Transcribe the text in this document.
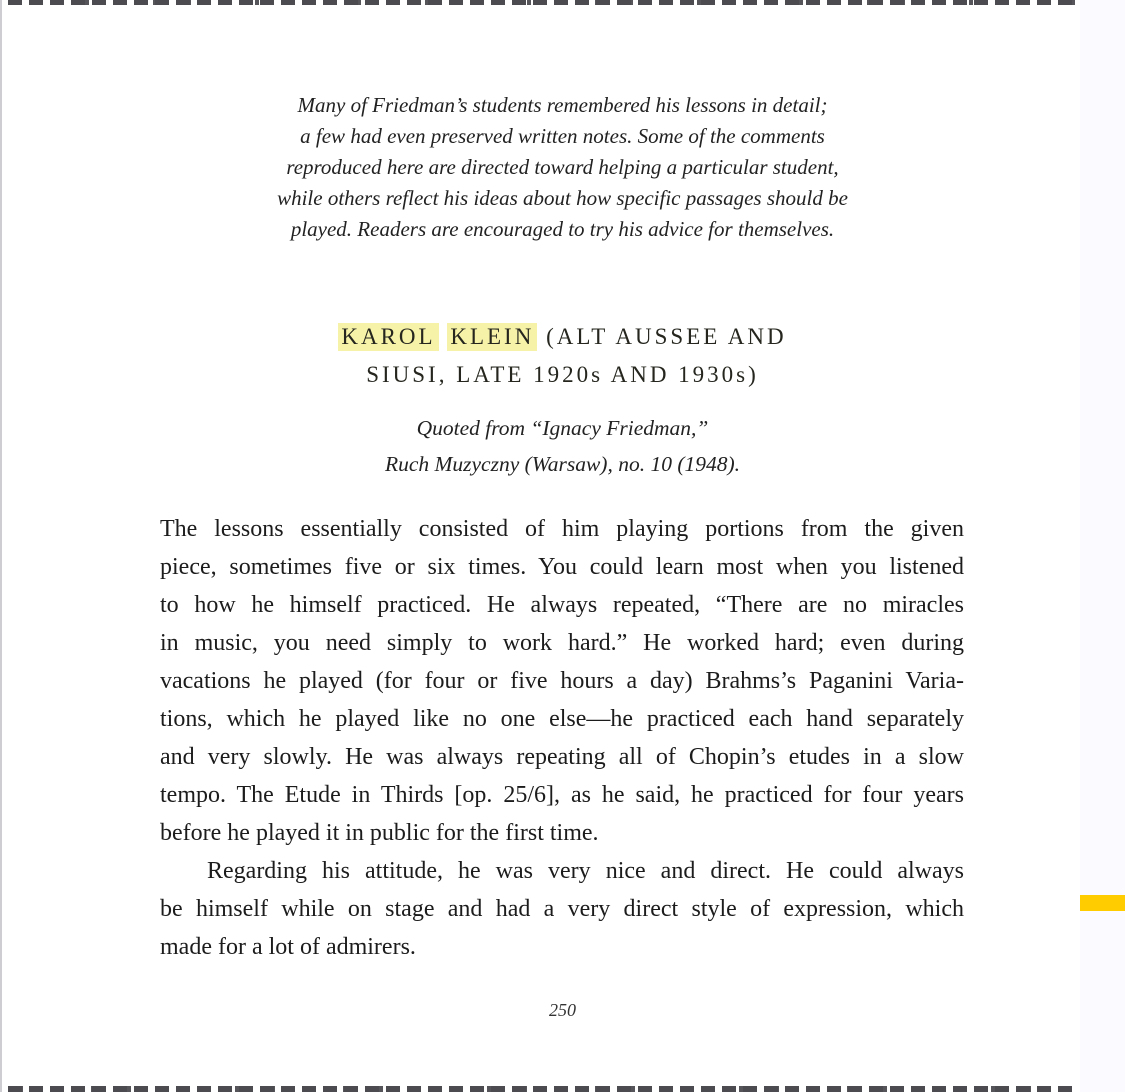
Many of Friedman’s students remembered his lessons in detail;
a few had even preserved written notes. Some of the comments
reproduced here are directed toward helping a particular student,
while others reflect his ideas about how specific passages should be
played. Readers are encouraged to try his advice for themselves.
KAROL KLEIN (ALT AUSSEE AND
SIUSI, LATE 1920s AND 1930s)
Quoted from “Ignacy Friedman,”
Ruch Muzyczny (Warsaw), no. 10 (1948).
The lessons essentially consisted of him playing portions from the given
piece, sometimes five or six times. You could learn most when you listened
to how he himself practiced. He always repeated, “There are no miracles
in music, you need simply to work hard.” He worked hard; even during
vacations he played (for four or five hours a day) Brahms’s Paganini Varia-
tions, which he played like no one else—he practiced each hand separately
and very slowly. He was always repeating all of Chopin’s etudes in a slow
tempo. The Etude in Thirds [op. 25/6], as he said, he practiced for four years
before he played it in public for the first time.
Regarding his attitude, he was very nice and direct. He could always
be himself while on stage and had a very direct style of expression, which
made for a lot of admirers.
250
